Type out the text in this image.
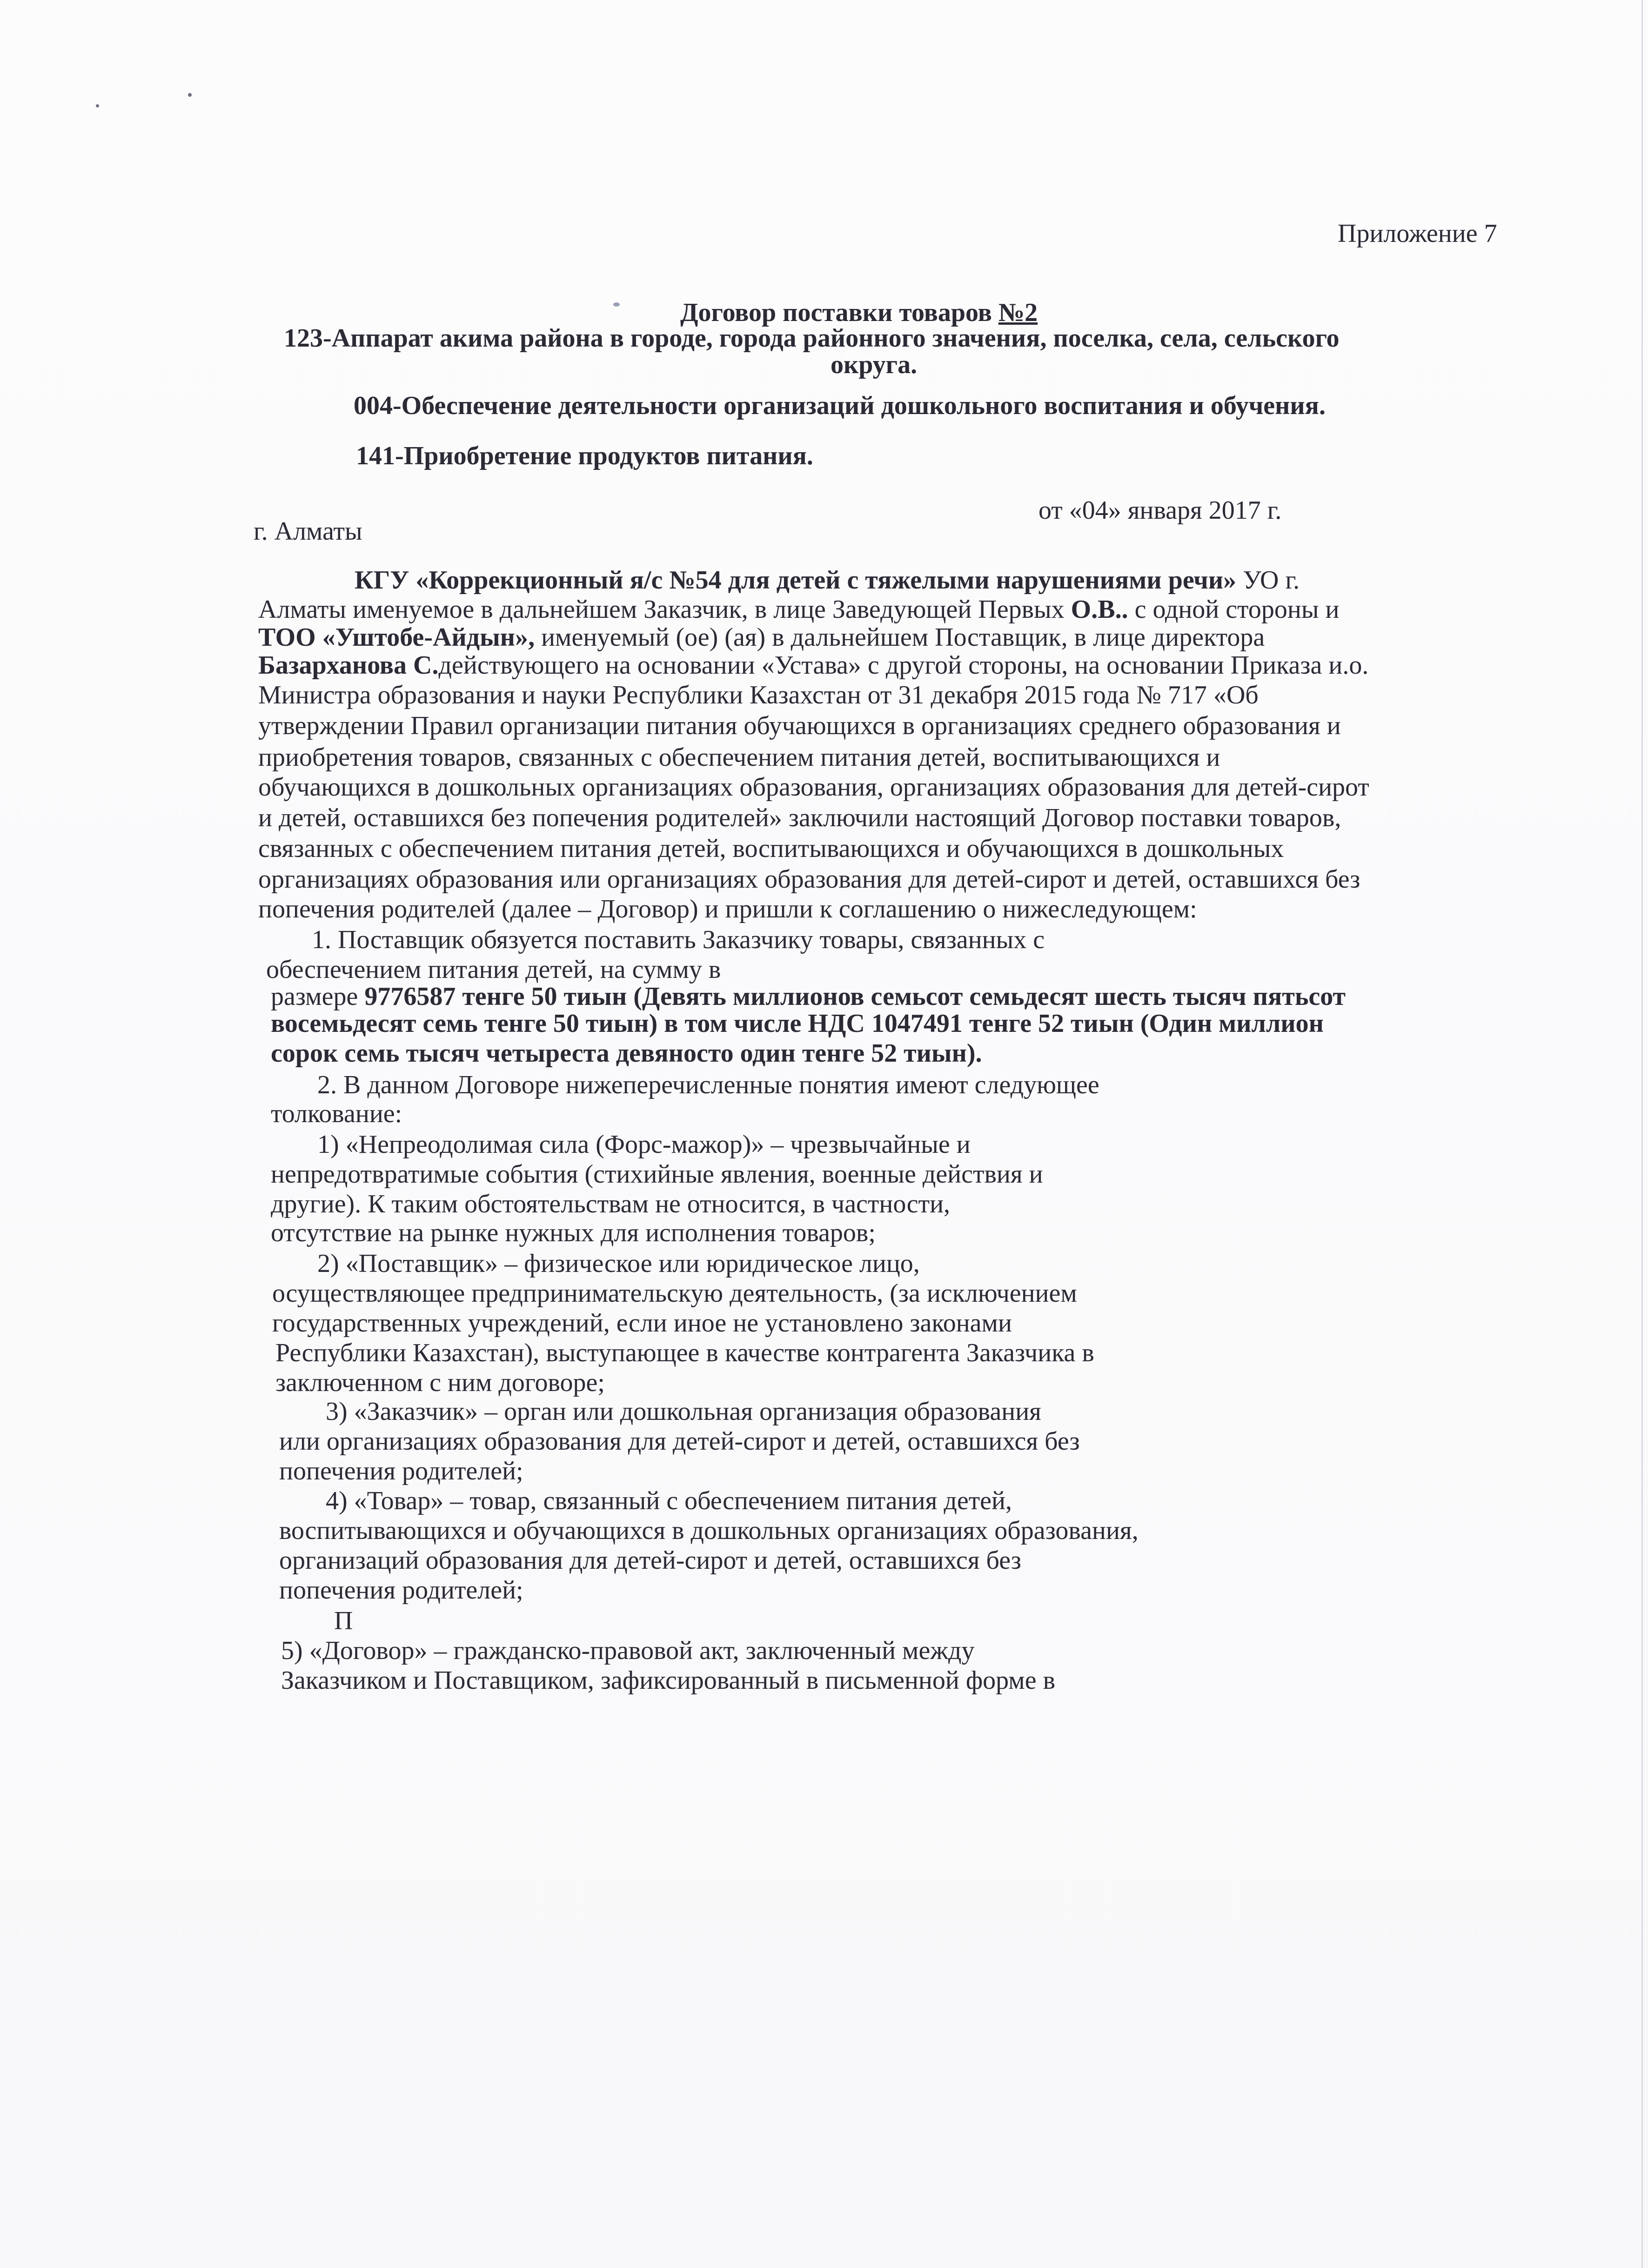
Приложение 7
Договор поставки товаров №2
123-Аппарат акима района в городе, города районного значения, поселка, села, сельского
округа.
004-Обеспечение деятельности организаций дошкольного воспитания и обучения.
141-Приобретение продуктов питания.
г. Алматы
от «04» января 2017 г.
КГУ «Коррекционный я/с №54 для детей с тяжелыми нарушениями речи» УО г.
Алматы именуемое в дальнейшем Заказчик, в лице Заведующей Первых О.В.. с одной стороны и
ТОО «Уштобе-Айдын», именуемый (ое) (ая) в дальнейшем Поставщик, в лице директора
Базарханова С.действующего на основании «Устава» с другой стороны, на основании Приказа и.о.
Министра образования и науки Республики Казахстан от 31 декабря 2015 года № 717 «Об
утверждении Правил организации питания обучающихся в организациях среднего образования и
приобретения товаров, связанных с обеспечением питания детей, воспитывающихся и
обучающихся в дошкольных организациях образования, организациях образования для детей-сирот
и детей, оставшихся без попечения родителей» заключили настоящий Договор поставки товаров,
связанных с обеспечением питания детей, воспитывающихся и обучающихся в дошкольных
организациях образования или организациях образования для детей-сирот и детей, оставшихся без
попечения родителей (далее – Договор) и пришли к соглашению о нижеследующем:
1. Поставщик обязуется поставить Заказчику товары, связанных с
обеспечением питания детей, на сумму в
размере 9776587 тенге 50 тиын (Девять миллионов семьсот семьдесят шесть тысяч пятьсот
восемьдесят семь тенге 50 тиын) в том числе НДС 1047491 тенге 52 тиын (Один миллион
сорок семь тысяч четыреста девяносто один тенге 52 тиын).
2. В данном Договоре нижеперечисленные понятия имеют следующее
толкование:
1) «Непреодолимая сила (Форс-мажор)» – чрезвычайные и
непредотвратимые события (стихийные явления, военные действия и
другие). К таким обстоятельствам не относится, в частности,
отсутствие на рынке нужных для исполнения товаров;
2) «Поставщик» – физическое или юридическое лицо,
осуществляющее предпринимательскую деятельность, (за исключением
государственных учреждений, если иное не установлено законами
Республики Казахстан), выступающее в качестве контрагента Заказчика в
заключенном с ним договоре;
3) «Заказчик» – орган или дошкольная организация образования
или организациях образования для детей-сирот и детей, оставшихся без
попечения родителей;
4) «Товар» – товар, связанный с обеспечением питания детей,
воспитывающихся и обучающихся в дошкольных организациях образования,
организаций образования для детей-сирот и детей, оставшихся без
попечения родителей;
П
5) «Договор» – гражданско-правовой акт, заключенный между
Заказчиком и Поставщиком, зафиксированный в письменной форме в
